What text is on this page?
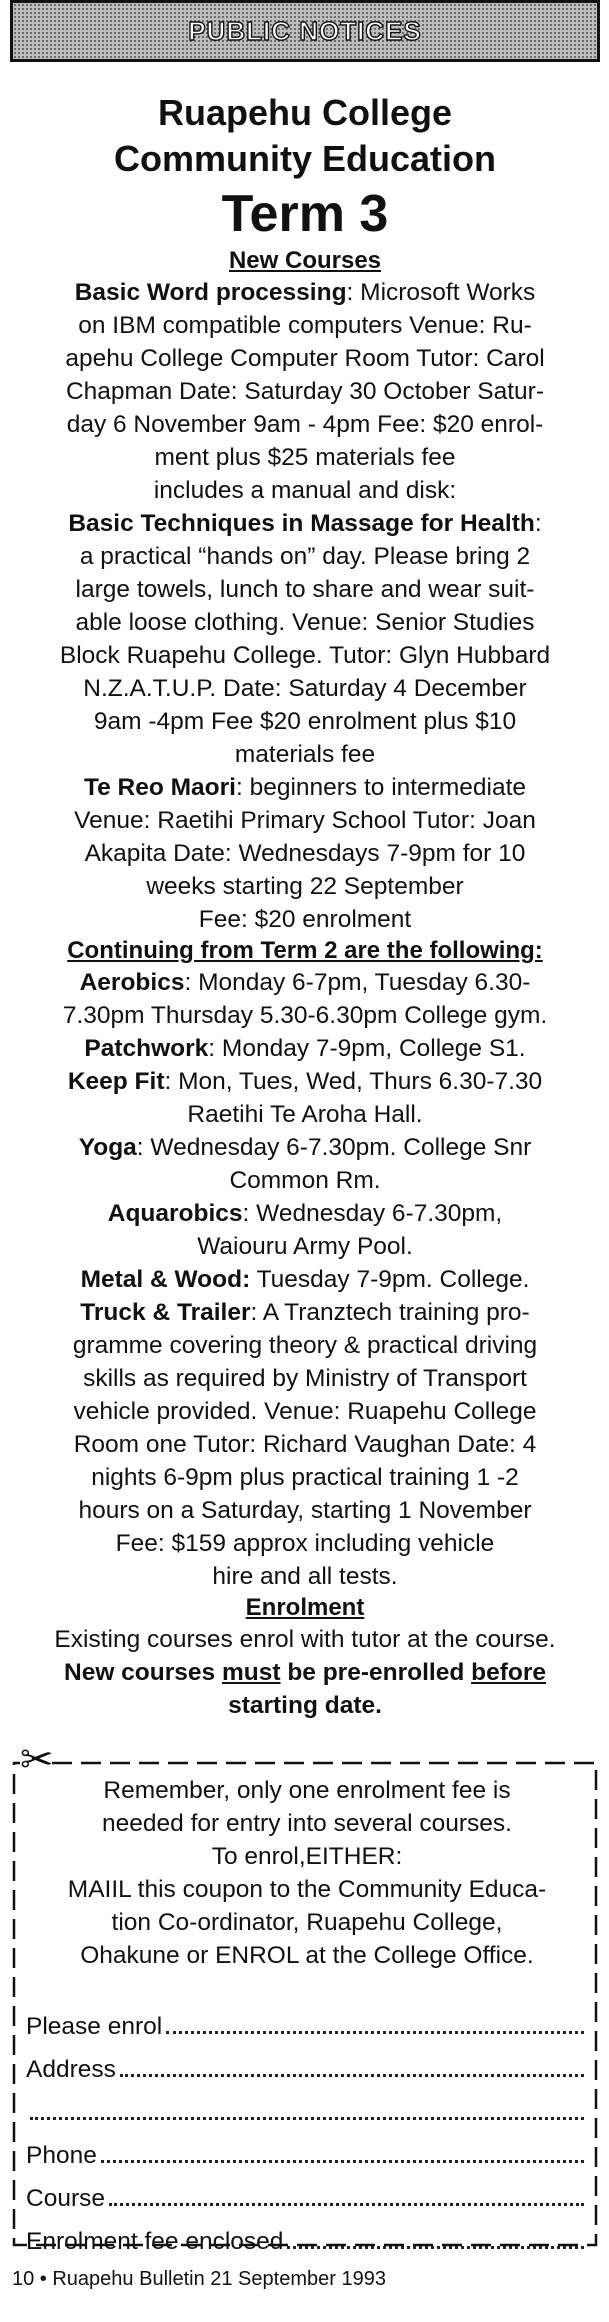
PUBLIC NOTICES

Ruapehu College

Community Education

Term 3

New Courses

Basic Word processing: Microsoft Works
on IBM compatible computers Venue: Ru-
apehu College Computer Room Tutor: Carol
Chapman Date: Saturday 30 October Satur-
day 6 November 9am - 4pm Fee: $20 enrol-
ment plus $25 materials fee
includes a manual and disk:

Basic Techniques in Massage for Health:
a practical “hands on” day. Please bring 2
large towels, lunch to share and wear suit-
able loose clothing. Venue: Senior Studies
Block Ruapehu College. Tutor: Glyn Hubbard
N.Z.A.T.U.P. Date: Saturday 4 December
9am -4pm Fee $20 enrolment plus $10
materials fee

Te Reo Maori: beginners to intermediate
Venue: Raetihi Primary School Tutor: Joan
Akapita Date: Wednesdays 7-9pm for 10
weeks starting 22 September
Fee: $20 enrolment

Continuing from Term 2 are the following:

Aerobics: Monday 6-7pm, Tuesday 6.30-
7.30pm Thursday 5.30-6.30pm College gym.

Patchwork: Monday 7-9pm, College S1.

Keep Fit: Mon, Tues, Wed, Thurs 6.30-7.30
Raetihi Te Aroha Hall.

Yoga: Wednesday 6-7.30pm. College Snr
Common Rm.

Aquarobics: Wednesday 6-7.30pm,
Waiouru Army Pool.

Metal & Wood: Tuesday 7-9pm. College.

Truck & Trailer: A Tranztech training pro-
gramme covering theory & practical driving
skills as required by Ministry of Transport
vehicle provided. Venue: Ruapehu College
Room one Tutor: Richard Vaughan Date: 4
nights 6-9pm plus practical training 1 -2
hours on a Saturday, starting 1 November
Fee: $159 approx including vehicle
hire and all tests.

Enrolment

Existing courses enrol with tutor at the course.

New courses must be pre-enrolled before

starting date.

✂
Remember, only one enrolment fee is
needed for entry into several courses.
To enrol,EITHER:
MAIIL this coupon to the Community Educa-
tion Co-ordinator, Ruapehu College,
Ohakune or ENROL at the College Office.
Please enrol
Address
Phone
Course
Enrolment fee enclosed
10 • Ruapehu Bulletin 21 September 1993
